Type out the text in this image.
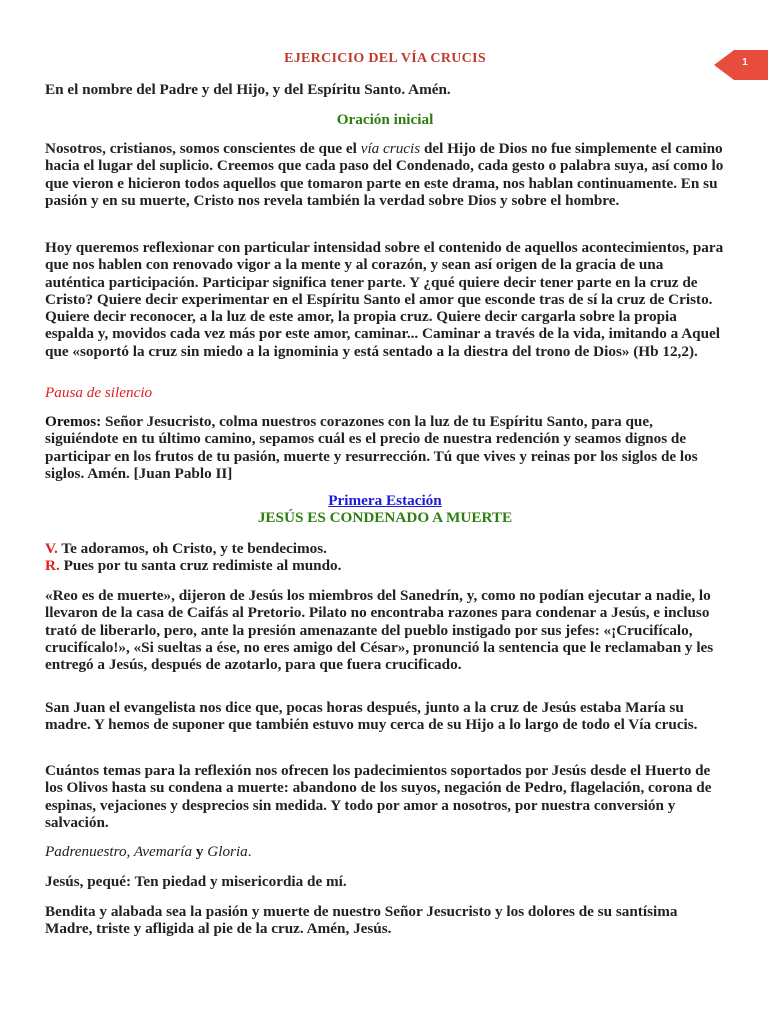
1
EJERCICIO DEL VÍA CRUCIS
En el nombre del Padre y del Hijo, y del Espíritu Santo. Amén.
Oración inicial
Nosotros, cristianos, somos conscientes de que el vía crucis del Hijo de Dios no fue simplemente el camino hacia el lugar del suplicio. Creemos que cada paso del Condenado, cada gesto o palabra suya, así como lo que vieron e hicieron todos aquellos que tomaron parte en este drama, nos hablan continuamente. En su pasión y en su muerte, Cristo nos revela también la verdad sobre Dios y sobre el hombre.
Hoy queremos reflexionar con particular intensidad sobre el contenido de aquellos acontecimientos, para que nos hablen con renovado vigor a la mente y al corazón, y sean así origen de la gracia de una auténtica participación. Participar significa tener parte. Y ¿qué quiere decir tener parte en la cruz de Cristo? Quiere decir experimentar en el Espíritu Santo el amor que esconde tras de sí la cruz de Cristo. Quiere decir reconocer, a la luz de este amor, la propia cruz. Quiere decir cargarla sobre la propia espalda y, movidos cada vez más por este amor, caminar... Caminar a través de la vida, imitando a Aquel que «soportó la cruz sin miedo a la ignominia y está sentado a la diestra del trono de Dios» (Hb 12,2).
Pausa de silencio
Oremos: Señor Jesucristo, colma nuestros corazones con la luz de tu Espíritu Santo, para que, siguiéndote en tu último camino, sepamos cuál es el precio de nuestra redención y seamos dignos de participar en los frutos de tu pasión, muerte y resurrección. Tú que vives y reinas por los siglos de los siglos. Amén. [Juan Pablo II]
Primera Estación
JESÚS ES CONDENADO A MUERTE
V. Te adoramos, oh Cristo, y te bendecimos.
R. Pues por tu santa cruz redimiste al mundo.
«Reo es de muerte», dijeron de Jesús los miembros del Sanedrín, y, como no podían ejecutar a nadie, lo llevaron de la casa de Caifás al Pretorio. Pilato no encontraba razones para condenar a Jesús, e incluso trató de liberarlo, pero, ante la presión amenazante del pueblo instigado por sus jefes: «¡Crucifícalo, crucifícalo!», «Si sueltas a ése, no eres amigo del César», pronunció la sentencia que le reclamaban y les entregó a Jesús, después de azotarlo, para que fuera crucificado.
San Juan el evangelista nos dice que, pocas horas después, junto a la cruz de Jesús estaba María su madre. Y hemos de suponer que también estuvo muy cerca de su Hijo a lo largo de todo el Vía crucis.
Cuántos temas para la reflexión nos ofrecen los padecimientos soportados por Jesús desde el Huerto de los Olivos hasta su condena a muerte: abandono de los suyos, negación de Pedro, flagelación, corona de espinas, vejaciones y desprecios sin medida. Y todo por amor a nosotros, por nuestra conversión y salvación.
Padrenuestro, Avemaría y Gloria.
Jesús, pequé: Ten piedad y misericordia de mí.
Bendita y alabada sea la pasión y muerte de nuestro Señor Jesucristo y los dolores de su santísima Madre, triste y afligida al pie de la cruz. Amén, Jesús.
